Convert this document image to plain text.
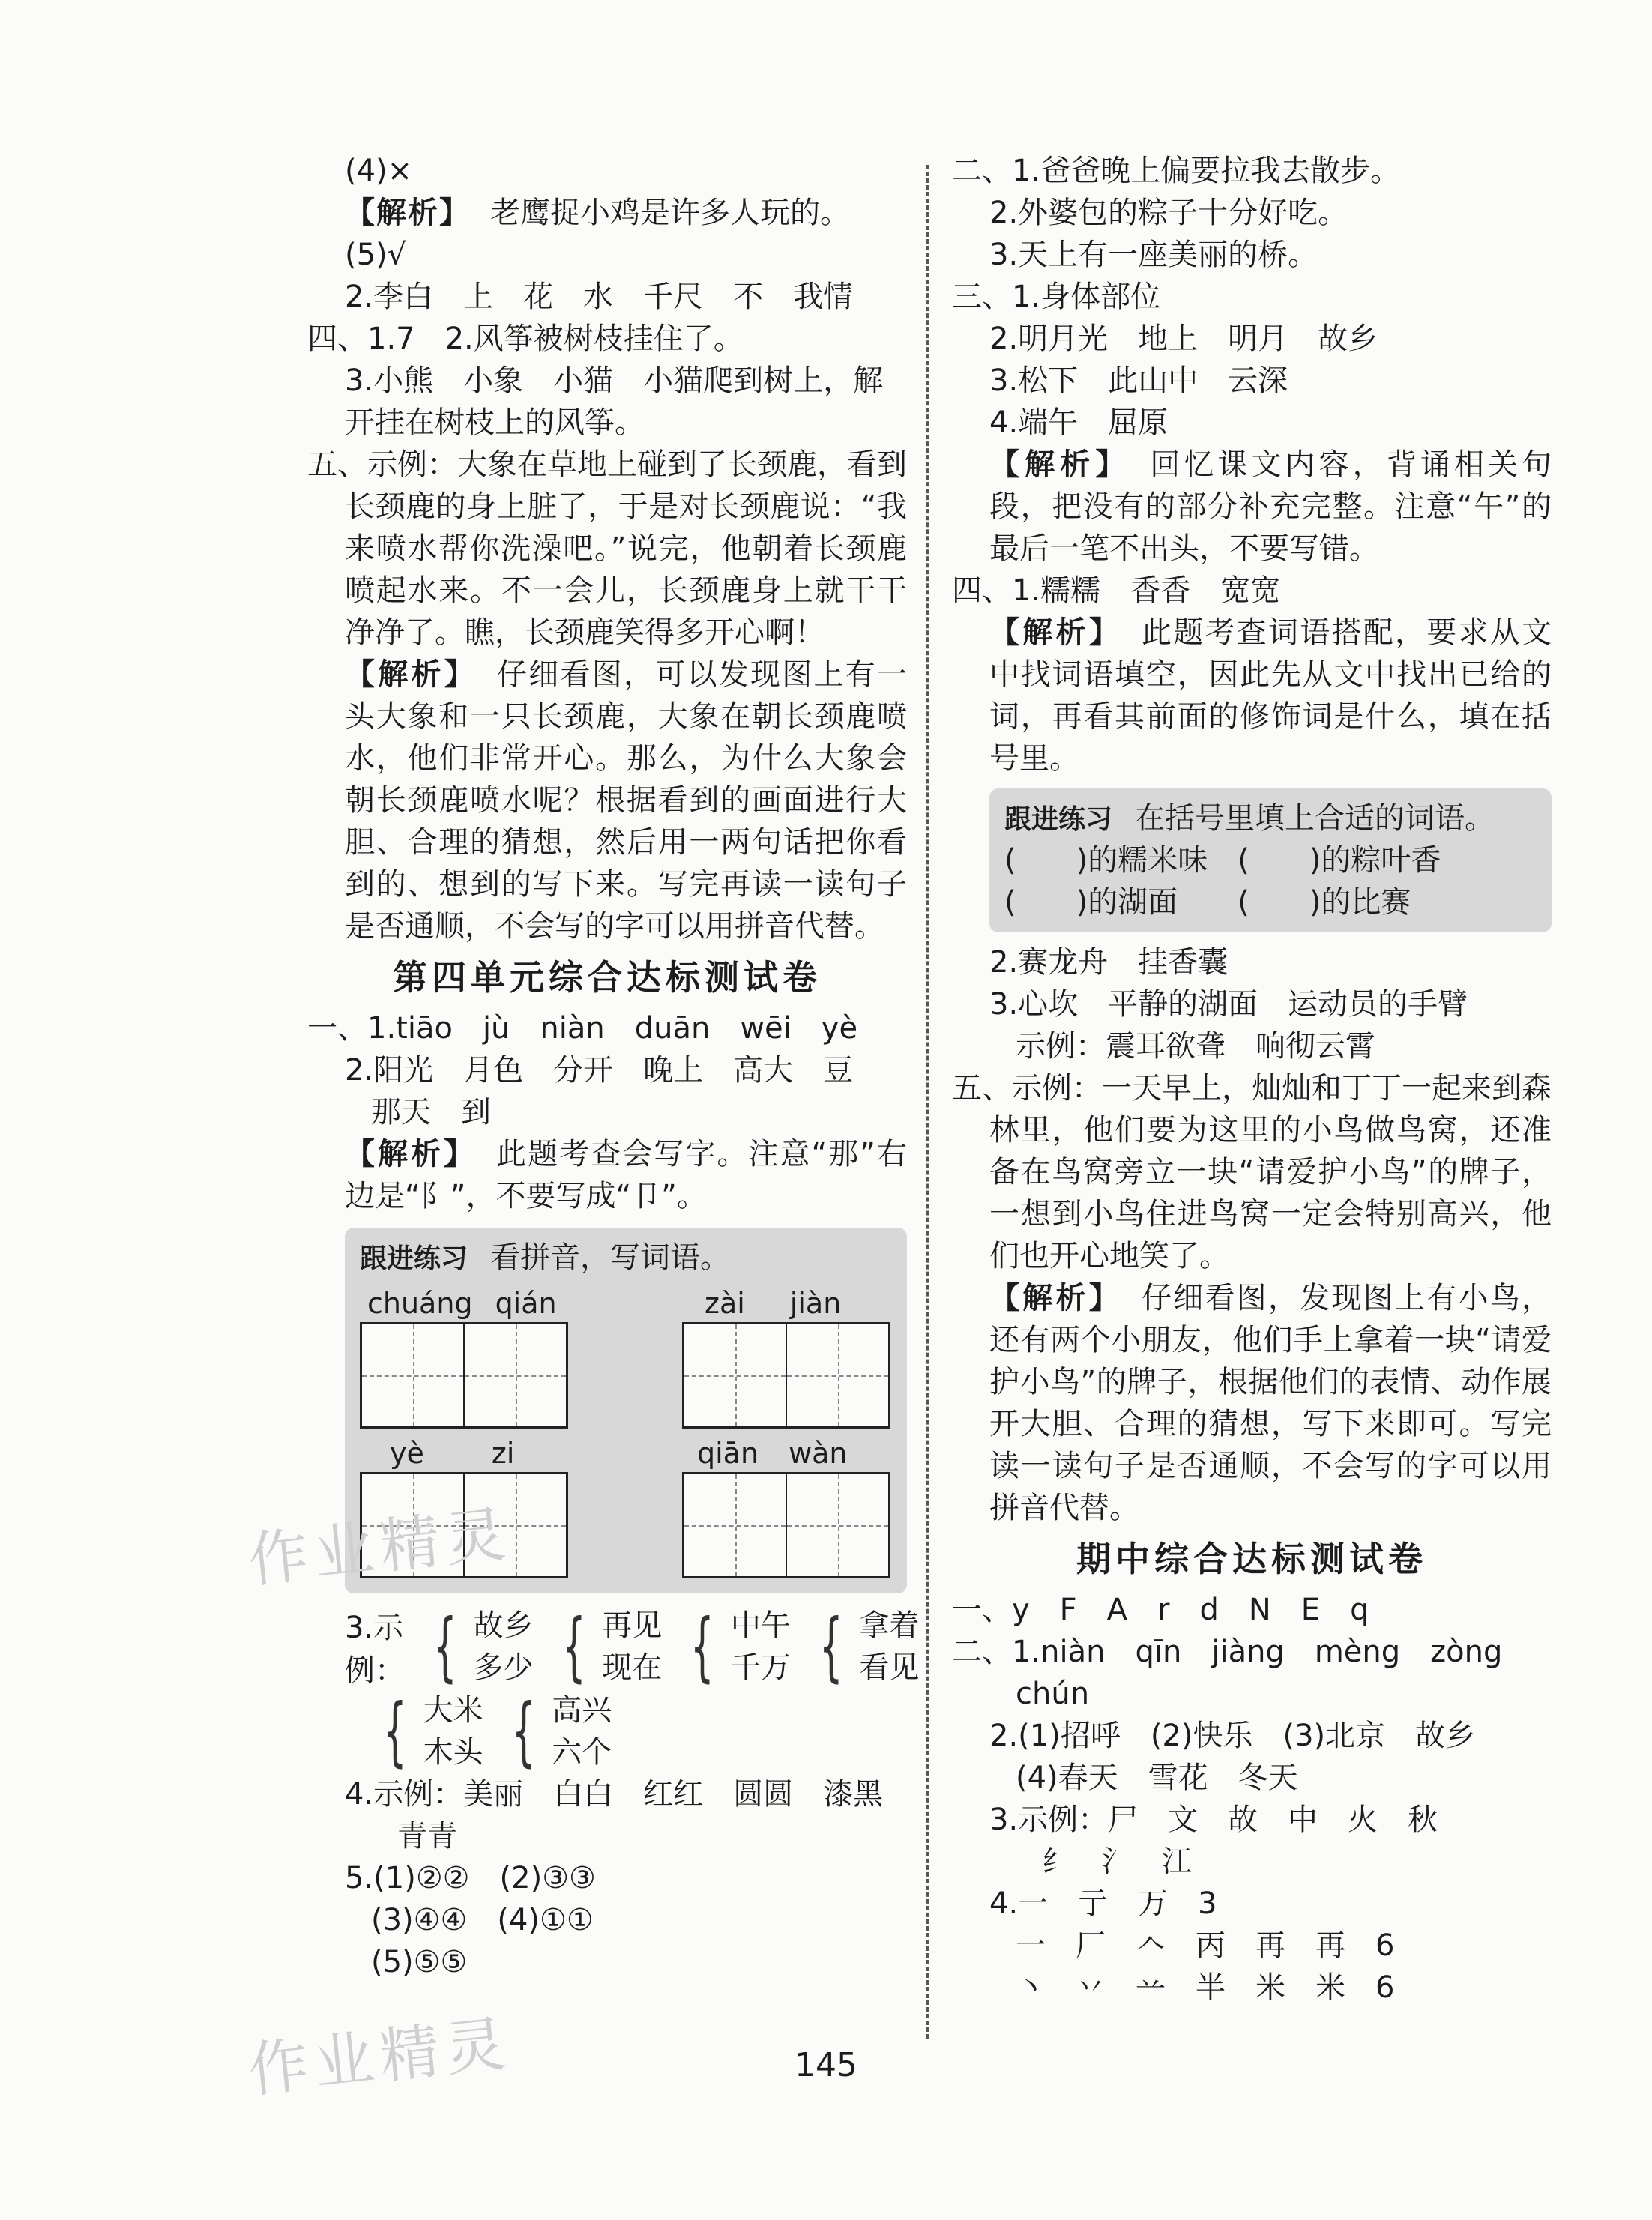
(4)×
【解析】 老鹰捉小鸡是许多人玩的。
(5)√
2.李白　上　花　水　千尺　不　我情
四、1.7　2.风筝被树枝挂住了。
3.小熊　小象　小猫　小猫爬到树上，解
开挂在树枝上的风筝。
五、示例：大象在草地上碰到了长颈鹿，看到长颈鹿的身上脏了，于是对长颈鹿说：“我来喷水帮你洗澡吧。”说完，他朝着长颈鹿喷起水来。不一会儿，长颈鹿身上就干干净净了。瞧，长颈鹿笑得多开心啊！
【解析】 仔细看图，可以发现图上有一头大象和一只长颈鹿，大象在朝长颈鹿喷水，他们非常开心。那么，为什么大象会朝长颈鹿喷水呢？根据看到的画面进行大胆、合理的猜想，然后用一两句话把你看到的、想到的写下来。写完再读一读句子是否通顺，不会写的字可以用拼音代替。
第四单元综合达标测试卷
一、1.tiāo　jù　niàn　duān　wēi　yè
2.阳光　月色　分开　晚上　高大　豆
那天　到
【解析】 此题考查会写字。注意“那”右边是“阝”，不要写成“卩”。
跟进练习 看拼音，写词语。
chuáng qián	zài jiàn
yè zi	qiān wàn
3.示例： { 故乡
多少 { 再见
现在 { 中午
千万 { 拿着
看见
{ 大米
木头 { 高兴
六个
4.示例：美丽　白白　红红　圆圆　漆黑
青青
5.(1)②②　(2)③③
(3)④④　(4)①①
(5)⑤⑤
二、1.爸爸晚上偏要拉我去散步。
2.外婆包的粽子十分好吃。
3.天上有一座美丽的桥。
三、1.身体部位
2.明月光　地上　明月　故乡
3.松下　此山中　云深
4.端午　屈原
【解析】 回忆课文内容，背诵相关句段，把没有的部分补充完整。注意“午”的最后一笔不出头，不要写错。
四、1.糯糯　香香　宽宽
【解析】 此题考查词语搭配，要求从文中找词语填空，因此先从文中找出已给的词，再看其前面的修饰词是什么，填在括号里。
跟进练习 在括号里填上合适的词语。
(　　)的糯米味　(　　)的粽叶香
(　　)的湖面　　(　　)的比赛
2.赛龙舟　挂香囊
3.心坎　平静的湖面　运动员的手臂
示例：震耳欲聋　响彻云霄
五、示例：一天早上，灿灿和丁丁一起来到森林里，他们要为这里的小鸟做鸟窝，还准备在鸟窝旁立一块“请爱护小鸟”的牌子，一想到小鸟住进鸟窝一定会特别高兴，他们也开心地笑了。
【解析】 仔细看图，发现图上有小鸟，还有两个小朋友，他们手上拿着一块“请爱护小鸟”的牌子，根据他们的表情、动作展开大胆、合理的猜想，写下来即可。写完读一读句子是否通顺，不会写的字可以用拼音代替。
期中综合达标测试卷
一、y　F　A　r　d　N　E　q
二、1.niàn　qīn　jiàng　mèng　zòng
chún
2.(1)招呼　(2)快乐　(3)北京　故乡
(4)春天　雪花　冬天
3.示例：尸　文　故　中　火　秋
纟　氵　江
4.一　亍　万　3
一　厂　𠆢　丙　再　再　6
丶　丷　䒑　半　米　米　6
145
作业精灵
作业精灵
